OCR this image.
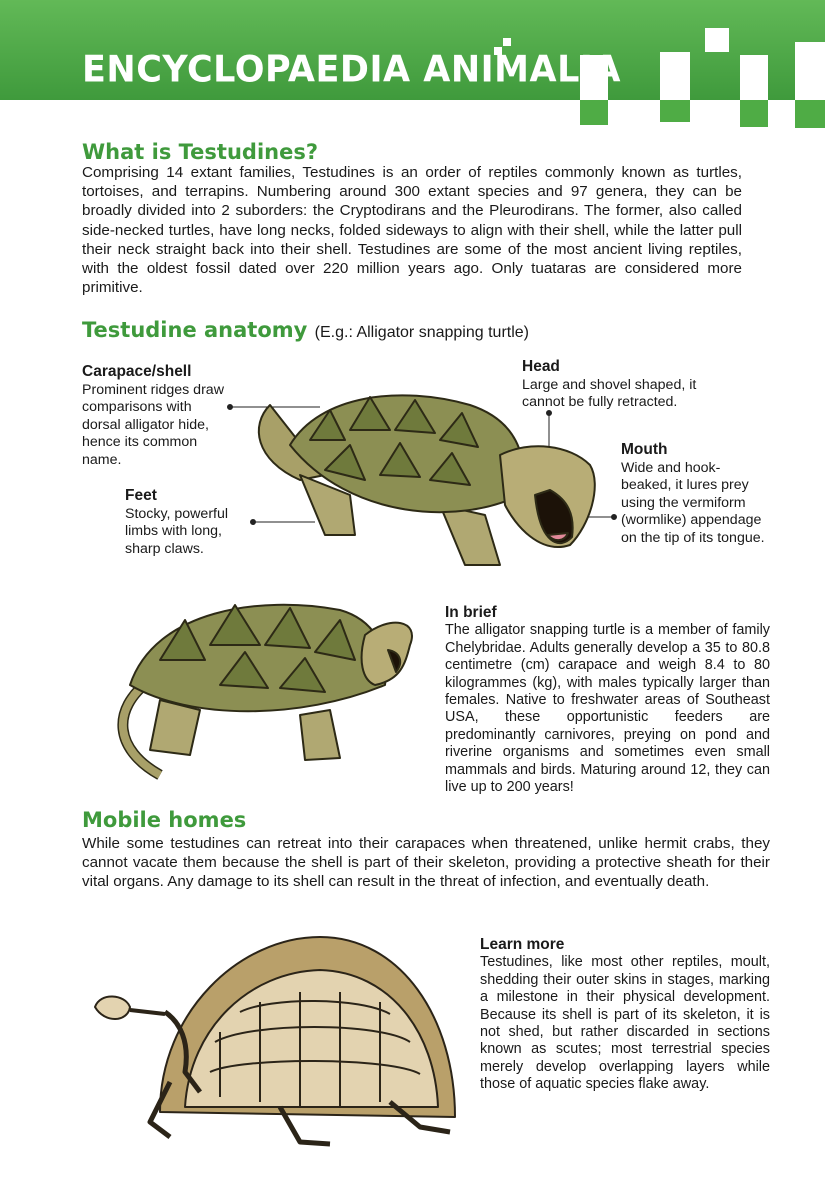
ENCYCLOPAEDIA ANIMALIA
What is Testudines?

Comprising 14 extant families, Testudines is an order of reptiles commonly known as turtles, tortoises, and terrapins. Numbering around 300 extant species and 97 genera, they can be broadly divided into 2 suborders: the Cryptodirans and the Pleurodirans. The former, also called side-necked turtles, have long necks, folded sideways to align with their shell, while the latter pull their neck straight back into their shell. Testudines are some of the most ancient living reptiles, with the oldest fossil dated over 220 million years ago. Only tuataras are considered more primitive.

Testudine anatomy (E.g.: Alligator snapping turtle)
Carapace/shell
Prominent ridges draw comparisons with dorsal alligator hide, hence its common name.
Feet
Stocky, powerful limbs with long, sharp claws.
Head
Large and shovel shaped, it cannot be fully retracted.
Mouth
Wide and hook-beaked, it lures prey using the vermiform (wormlike) appendage on the tip of its tongue.
In brief
The alligator snapping turtle is a member of family Chelybridae. Adults generally develop a 35 to 80.8 centimetre (cm) carapace and weigh 8.4 to 80 kilogrammes (kg), with males typically larger than females. Native to freshwater areas of Southeast USA, these opportunistic feeders are predominantly carnivores, preying on pond and riverine organisms and sometimes even small mammals and birds. Maturing around 12, they can live up to 200 years!
Mobile homes

While some testudines can retreat into their carapaces when threatened, unlike hermit crabs, they cannot vacate them because the shell is part of their skeleton, providing a protective sheath for their vital organs. Any damage to its shell can result in the threat of infection, and eventually death.

Learn more
Testudines, like most other reptiles, moult, shedding their outer skins in stages, marking a milestone in their physical development. Because its shell is part of its skeleton, it is not shed, but rather discarded in sections known as scutes; most terrestrial species merely develop overlapping layers while those of aquatic species flake away.
